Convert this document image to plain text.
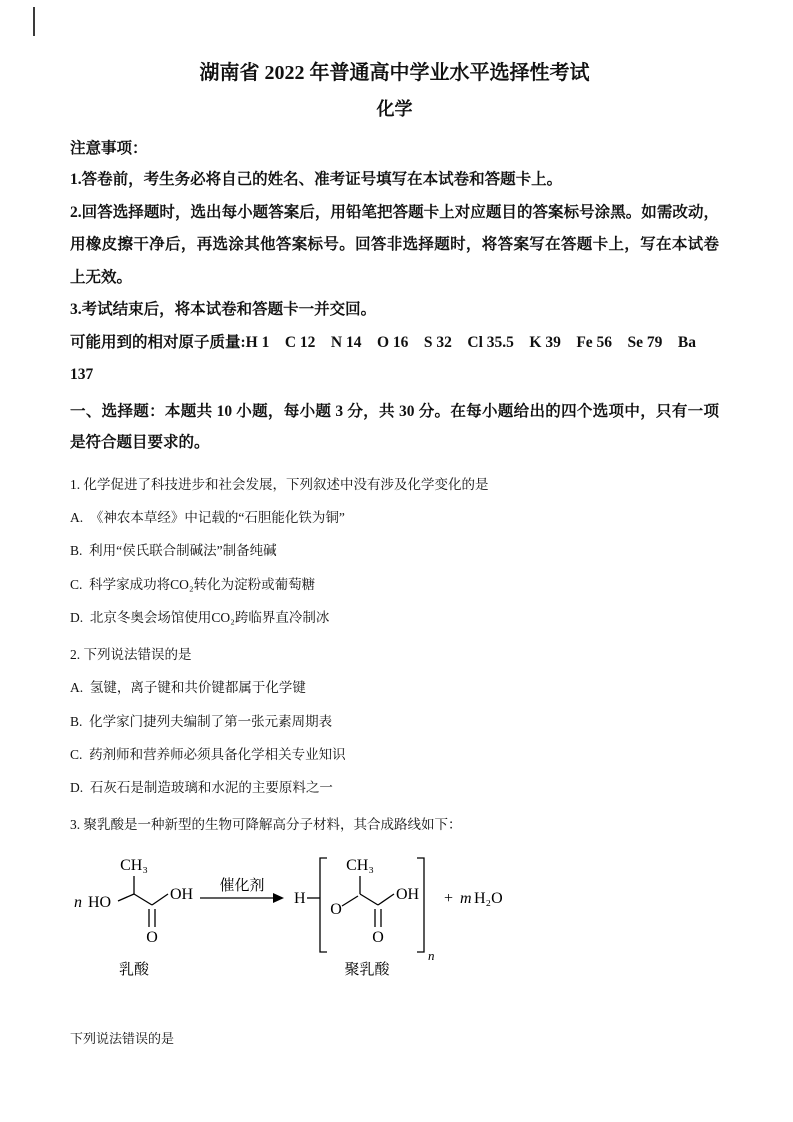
湖南省 2022 年普通高中学业水平选择性考试
化学

注意事项：

1.答卷前，考生务必将自己的姓名、准考证号填写在本试卷和答题卡上。

2.回答选择题时，选出每小题答案后，用铅笔把答题卡上对应题目的答案标号涂黑。如需改动，用橡皮擦干净后，再选涂其他答案标号。回答非选择题时，将答案写在答题卡上，写在本试卷上无效。

3.考试结束后，将本试卷和答题卡一并交回。

可能用到的相对原子质量:H 1    C 12    N 14    O 16    S 32    Cl 35.5    K 39    Fe 56    Se 79    Ba 137

一、选择题：本题共 10 小题，每小题 3 分，共 30 分。在每小题给出的四个选项中，只有一项是符合题目要求的。

1. 化学促进了科技进步和社会发展，下列叙述中没有涉及化学变化的是

A.  《神农本草经》中记载的“石胆能化铁为铜”

B.  利用“侯氏联合制碱法”制备纯碱

C.  科学家成功将CO₂转化为淀粉或葡萄糖

D.  北京冬奥会场馆使用CO₂跨临界直冷制冰

2. 下列说法错误的是

A.  氢键，离子键和共价键都属于化学键

B.  化学家门捷列夫编制了第一张元素周期表

C.  药剂师和营养师必须具备化学相关专业知识

D.  石灰石是制造玻璃和水泥的主要原料之一

3. 聚乳酸是一种新型的生物可降解高分子材料，其合成路线如下：

n HO
CH₃
OH
O
乳酸
催化剂
H
O
CH₃
OH
O
n
+ m H₂O
聚乳酸

下列说法错误的是
